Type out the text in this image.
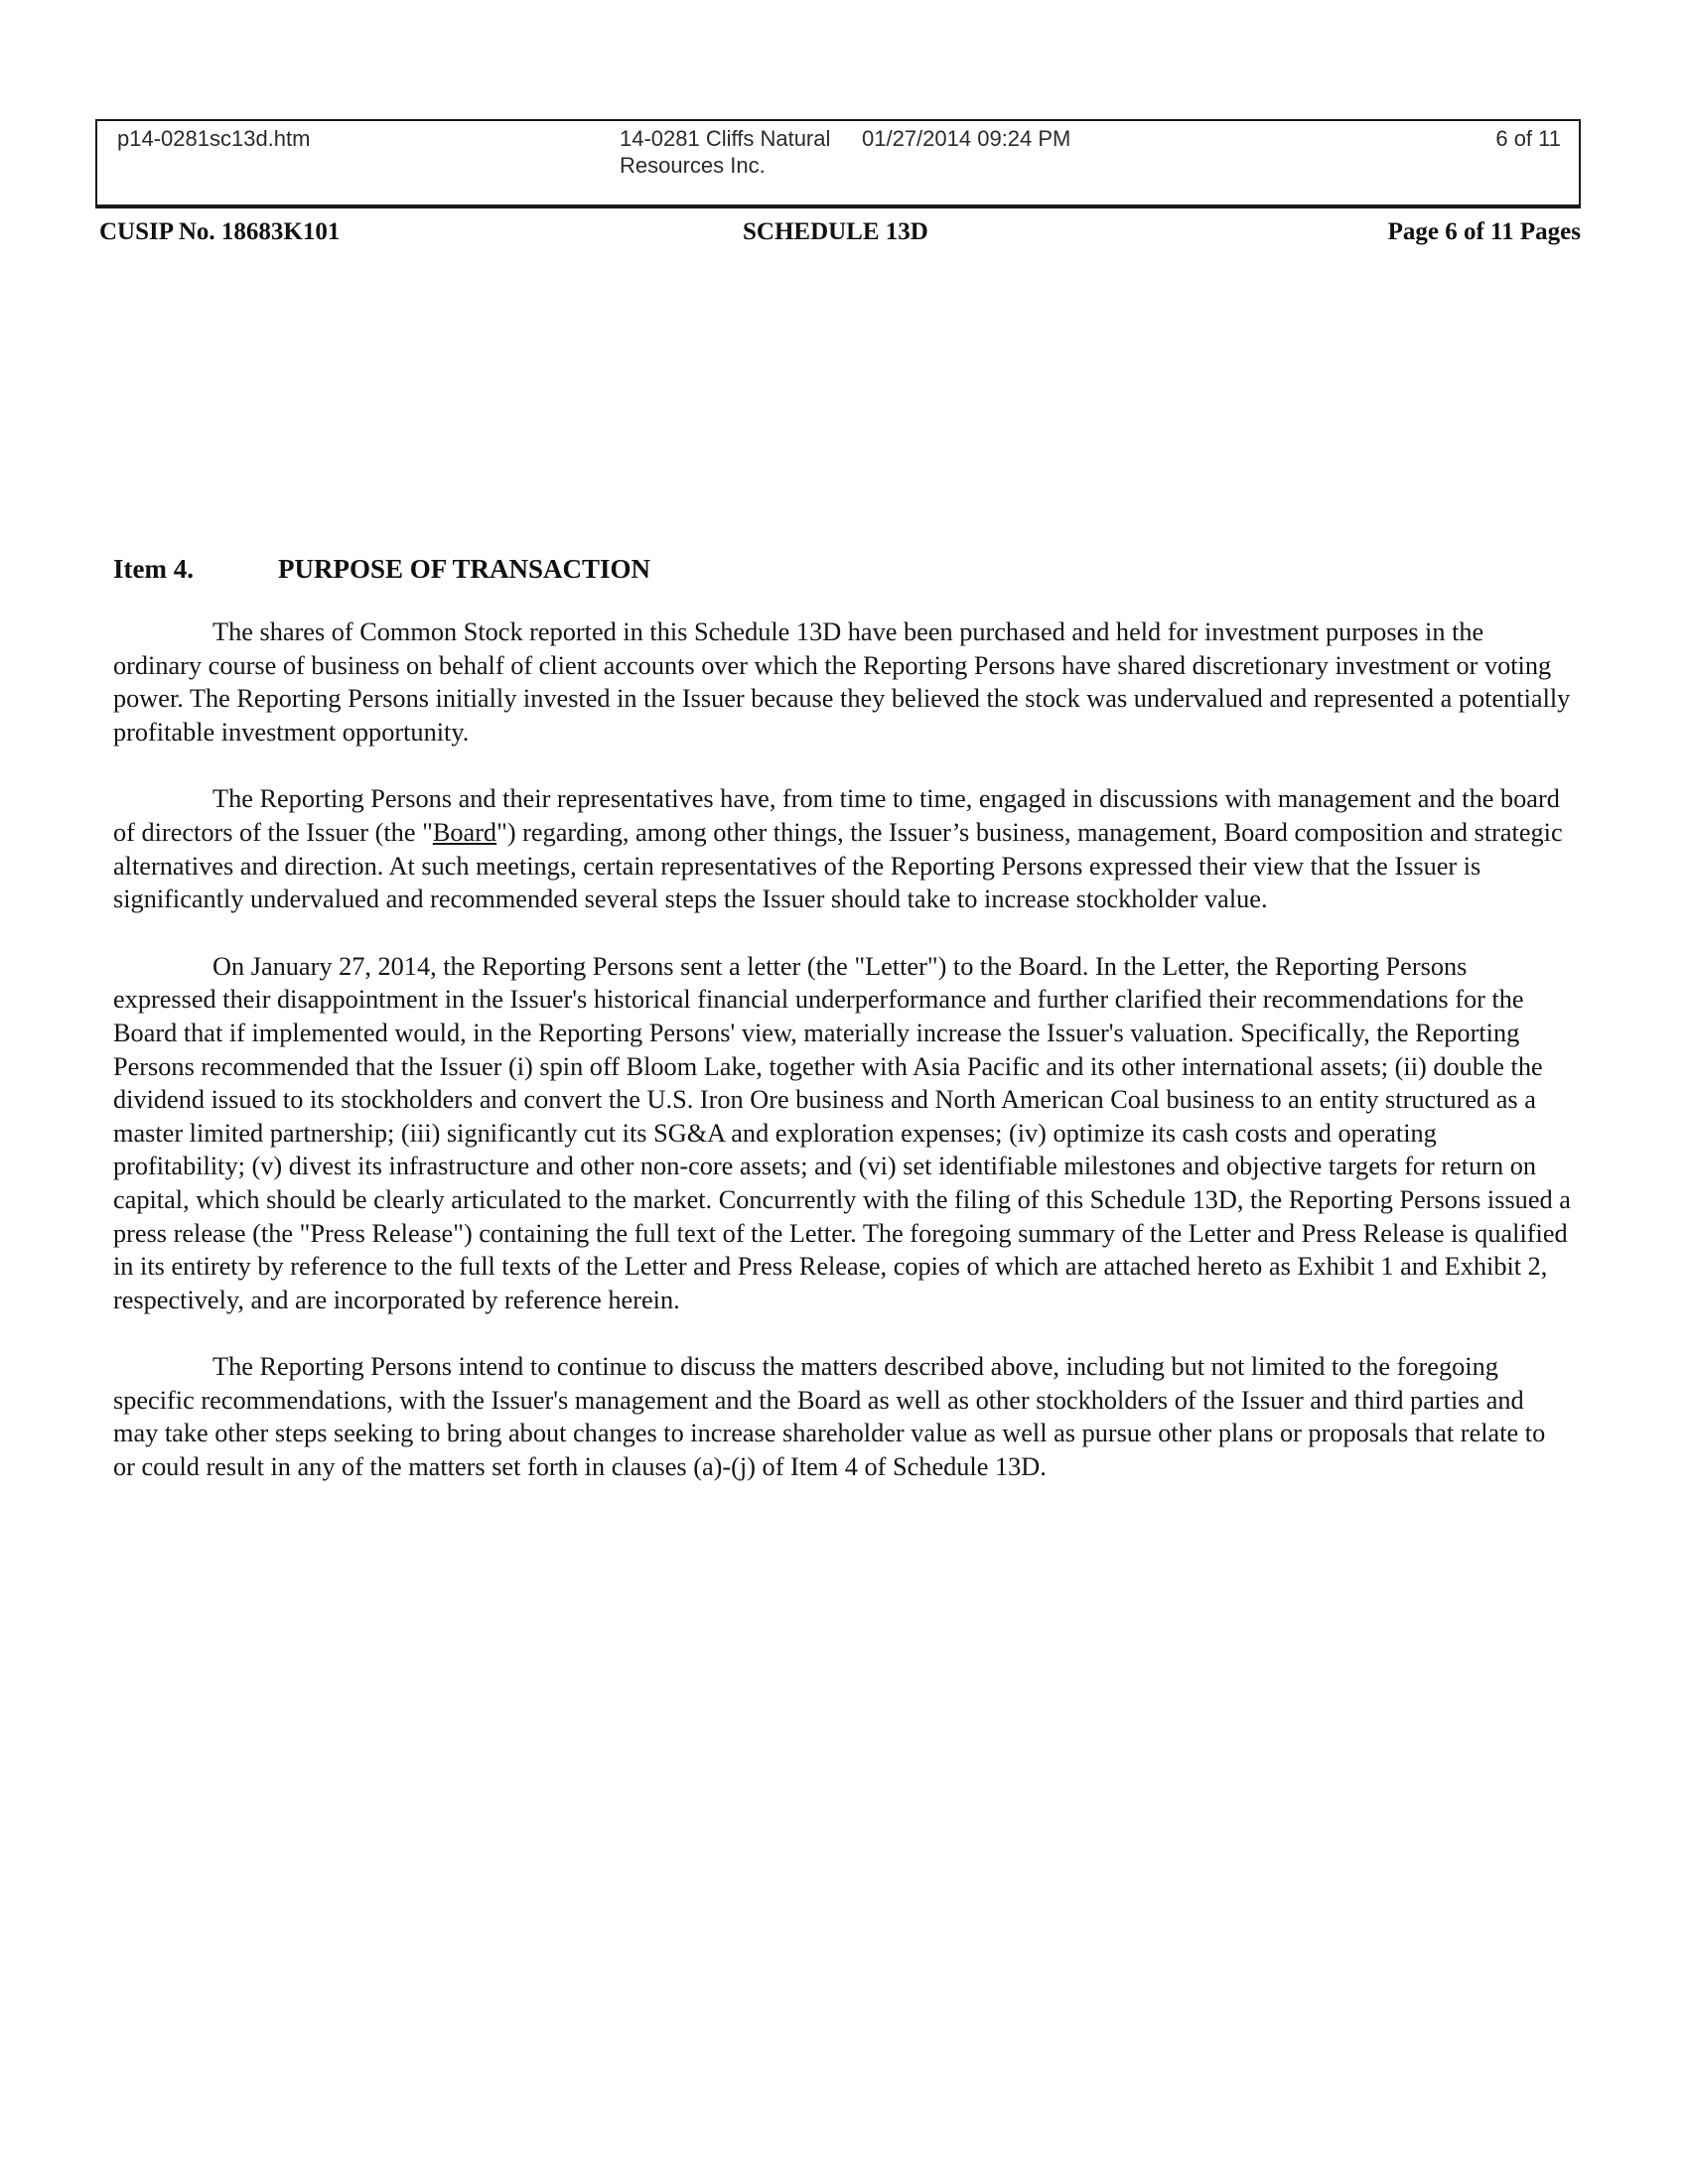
p14-0281sc13d.htm	14-0281 Cliffs Natural Resources Inc.
01/27/2014 09:24 PM	6 of 11
CUSIP No. 18683K101	SCHEDULE 13D	Page 6 of 11 Pages
Item 4.	PURPOSE OF TRANSACTION

The shares of Common Stock reported in this Schedule 13D have been purchased and held for investment purposes in the ordinary course of business on behalf of client accounts over which the Reporting Persons have shared discretionary investment or voting power. The Reporting Persons initially invested in the Issuer because they believed the stock was undervalued and represented a potentially profitable investment opportunity.

The Reporting Persons and their representatives have, from time to time, engaged in discussions with management and the board of directors of the Issuer (the "Board") regarding, among other things, the Issuer’s business, management, Board composition and strategic alternatives and direction. At such meetings, certain representatives of the Reporting Persons expressed their view that the Issuer is significantly undervalued and recommended several steps the Issuer should take to increase stockholder value.

On January 27, 2014, the Reporting Persons sent a letter (the "Letter") to the Board. In the Letter, the Reporting Persons expressed their disappointment in the Issuer's historical financial underperformance and further clarified their recommendations for the Board that if implemented would, in the Reporting Persons' view, materially increase the Issuer's valuation. Specifically, the Reporting Persons recommended that the Issuer (i) spin off Bloom Lake, together with Asia Pacific and its other international assets; (ii) double the dividend issued to its stockholders and convert the U.S. Iron Ore business and North American Coal business to an entity structured as a master limited partnership; (iii) significantly cut its SG&A and exploration expenses; (iv) optimize its cash costs and operating profitability; (v) divest its infrastructure and other non-core assets; and (vi) set identifiable milestones and objective targets for return on capital, which should be clearly articulated to the market. Concurrently with the filing of this Schedule 13D, the Reporting Persons issued a press release (the "Press Release") containing the full text of the Letter. The foregoing summary of the Letter and Press Release is qualified in its entirety by reference to the full texts of the Letter and Press Release, copies of which are attached hereto as Exhibit 1 and Exhibit 2, respectively, and are incorporated by reference herein.

The Reporting Persons intend to continue to discuss the matters described above, including but not limited to the foregoing specific recommendations, with the Issuer's management and the Board as well as other stockholders of the Issuer and third parties and may take other steps seeking to bring about changes to increase shareholder value as well as pursue other plans or proposals that relate to or could result in any of the matters set forth in clauses (a)-(j) of Item 4 of Schedule 13D.
